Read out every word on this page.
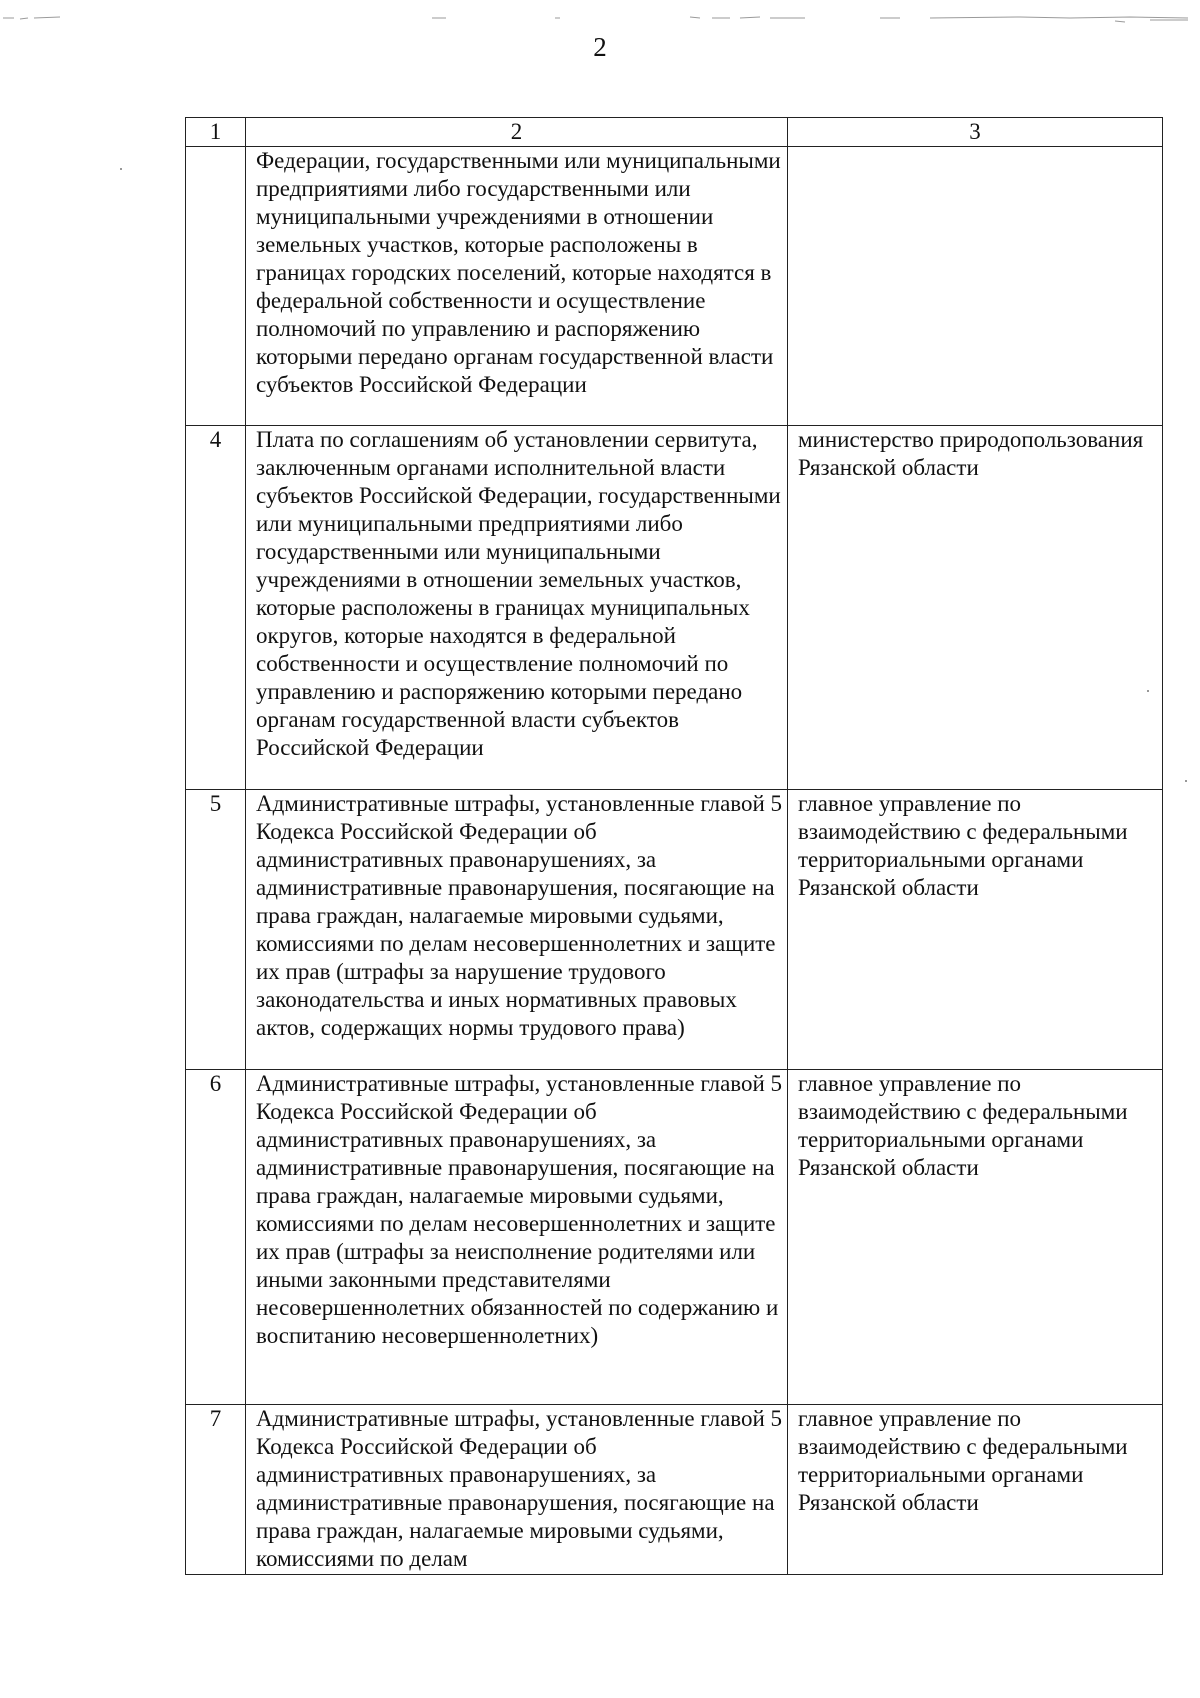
2
1	2	3
	Федерации, государственными или муниципальными предприятиями либо государственными или муниципальными учреждениями в отношении земельных участков, которые расположены в границах городских поселений, которые находятся в федеральной собственности и осуществление полномочий по управлению и распоряжению которыми передано органам государственной власти субъектов Российской Федерации	
4	Плата по соглашениям об установлении сервитута, заключенным органами исполнительной власти субъектов Российской Федерации, государственными или муниципальными предприятиями либо государственными или муниципальными учреждениями в отношении земельных участков, которые расположены в границах муниципальных округов, которые находятся в федеральной собственности и осуществление полномочий по управлению и распоряжению которыми передано органам государственной власти субъектов Российской Федерации	министерство природопользования Рязанской области
5	Административные штрафы, установленные главой 5 Кодекса Российской Федерации об административных правонарушениях, за административные правонарушения, посягающие на права граждан, налагаемые мировыми судьями, комиссиями по делам несовершеннолетних и защите их прав (штрафы за нарушение трудового законодательства и иных нормативных правовых актов, содержащих нормы трудового права)	главное управление по взаимодействию с федеральными территориальными органами Рязанской области
6	Административные штрафы, установленные главой 5 Кодекса Российской Федерации об административных правонарушениях, за административные правонарушения, посягающие на права граждан, налагаемые мировыми судьями, комиссиями по делам несовершеннолетних и защите их прав (штрафы за неисполнение родителями или иными законными представителями несовершеннолетних обязанностей по содержанию и воспитанию несовершеннолетних)	главное управление по взаимодействию с федеральными территориальными органами Рязанской области
7	Административные штрафы, установленные главой 5 Кодекса Российской Федерации об административных правонарушениях, за административные правонарушения, посягающие на права граждан, налагаемые мировыми судьями, комиссиями по делам	главное управление по взаимодействию с федеральными территориальными органами Рязанской области
